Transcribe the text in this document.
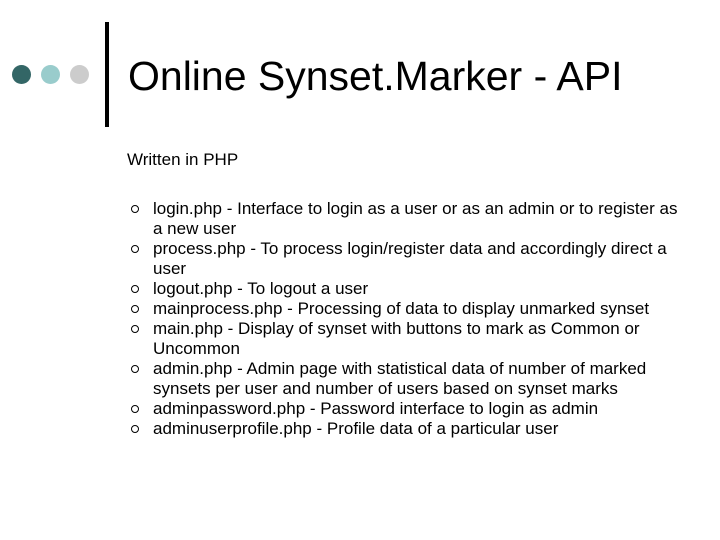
Online Synset.Marker - API
Written in PHP
login.php - Interface to login as a user or as an admin or to register as a new user
process.php - To process login/register data and accordingly direct a user
logout.php - To logout a user
mainprocess.php - Processing of data to display unmarked synset
main.php - Display of synset with buttons to mark as Common or Uncommon
admin.php - Admin page with statistical data of number of marked synsets per user and number of users based on synset marks
adminpassword.php - Password interface to login as admin
adminuserprofile.php - Profile data of a particular user
